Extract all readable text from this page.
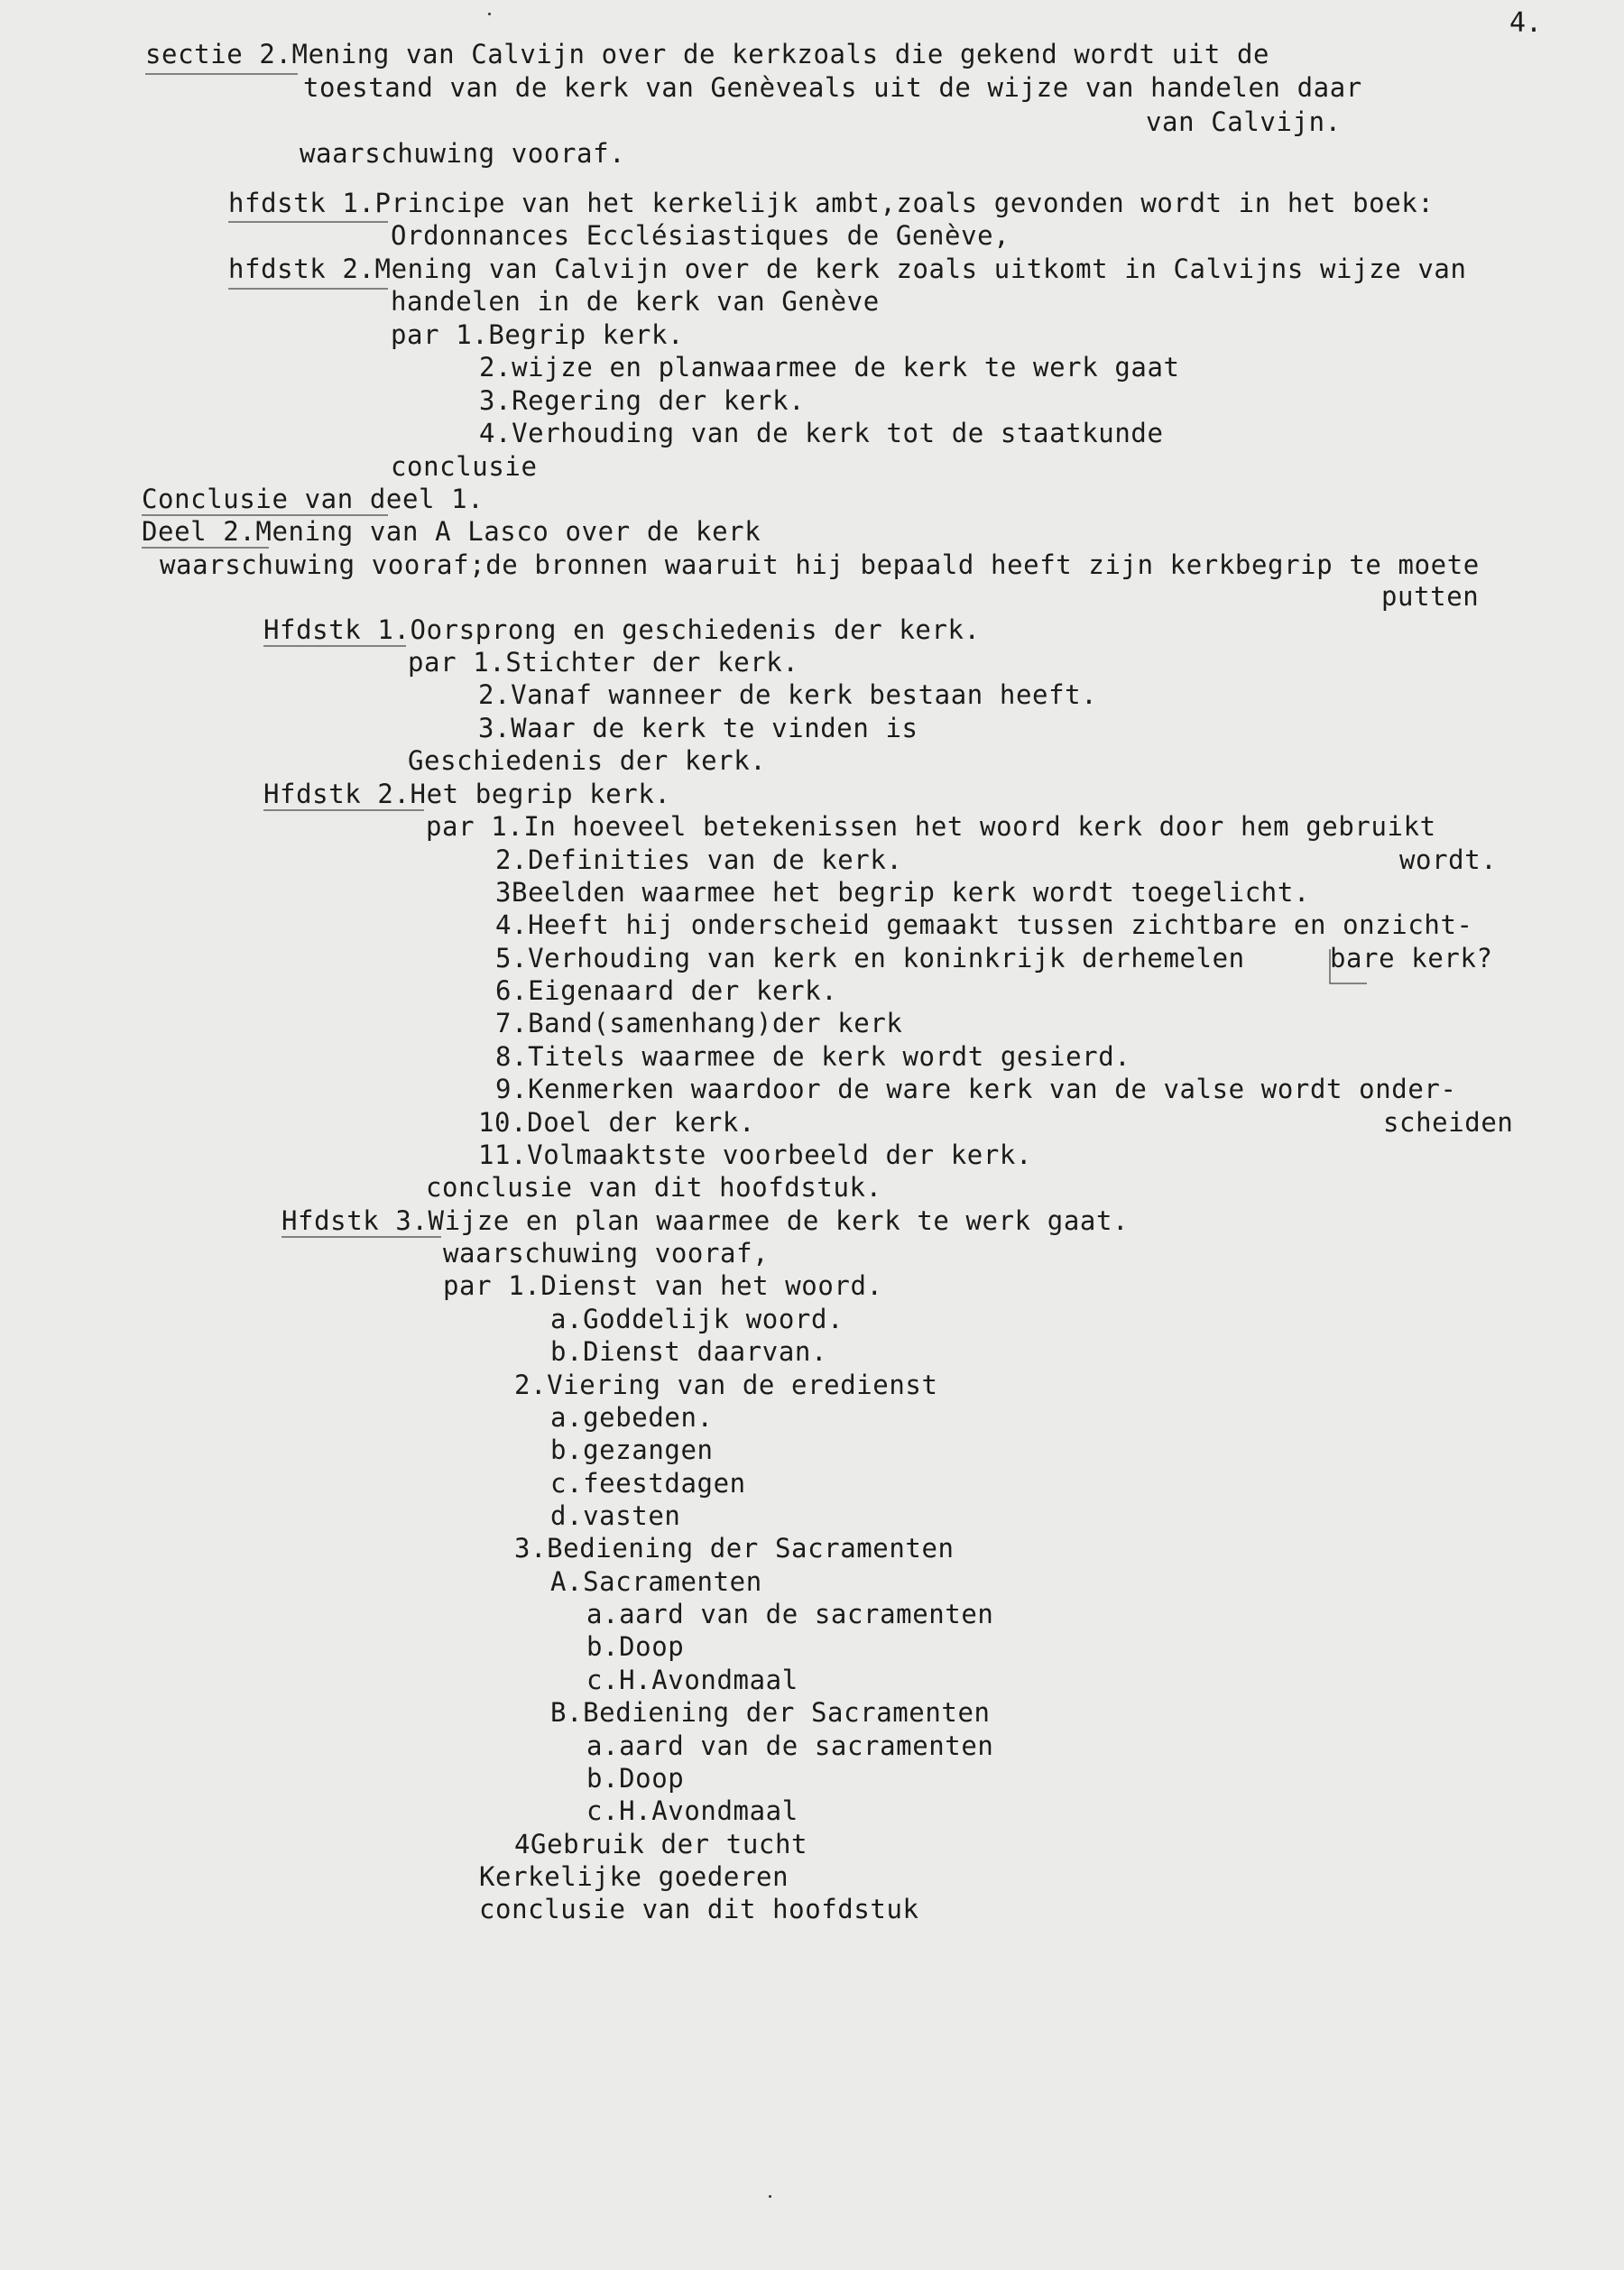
4.
sectie 2.Mening van Calvijn over de kerkzoals die gekend wordt uit de
toestand van de kerk van Genèveals uit de wijze van handelen daar
van Calvijn.
waarschuwing vooraf.
hfdstk 1.Principe van het kerkelijk ambt,zoals gevonden wordt in het boek:
Ordonnances Ecclésiastiques de Genève,
hfdstk 2.Mening van Calvijn over de kerk zoals uitkomt in Calvijns wijze van
handelen in de kerk van Genève
par 1.Begrip kerk.
2.wijze en planwaarmee de kerk te werk gaat
3.Regering der kerk.
4.Verhouding van de kerk tot de staatkunde
conclusie
Conclusie van deel 1.
Deel 2.Mening van A Lasco over de kerk
waarschuwing vooraf;de bronnen waaruit hij bepaald heeft zijn kerkbegrip te moete
putten
Hfdstk 1.Oorsprong en geschiedenis der kerk.
par 1.Stichter der kerk.
2.Vanaf wanneer de kerk bestaan heeft.
3.Waar de kerk te vinden is
Geschiedenis der kerk.
Hfdstk 2.Het begrip kerk.
par 1.In hoeveel betekenissen het woord kerk door hem gebruikt
2.Definities van de kerk.	wordt.
3Beelden waarmee het begrip kerk wordt toegelicht.
4.Heeft hij onderscheid gemaakt tussen zichtbare en onzicht-
5.Verhouding van kerk en koninkrijk derhemelen	bare kerk?
6.Eigenaard der kerk.
7.Band(samenhang)der kerk
8.Titels waarmee de kerk wordt gesierd.
9.Kenmerken waardoor de ware kerk van de valse wordt onder-
10.Doel der kerk.	scheiden
11.Volmaaktste voorbeeld der kerk.
conclusie van dit hoofdstuk.
Hfdstk 3.Wijze en plan waarmee de kerk te werk gaat.
waarschuwing vooraf,
par 1.Dienst van het woord.
a.Goddelijk woord.
b.Dienst daarvan.
2.Viering van de eredienst
a.gebeden.
b.gezangen
c.feestdagen
d.vasten
3.Bediening der Sacramenten
A.Sacramenten
a.aard van de sacramenten
b.Doop
c.H.Avondmaal
B.Bediening der Sacramenten
a.aard van de sacramenten
b.Doop
c.H.Avondmaal
4Gebruik der tucht
Kerkelijke goederen
conclusie van dit hoofdstuk
